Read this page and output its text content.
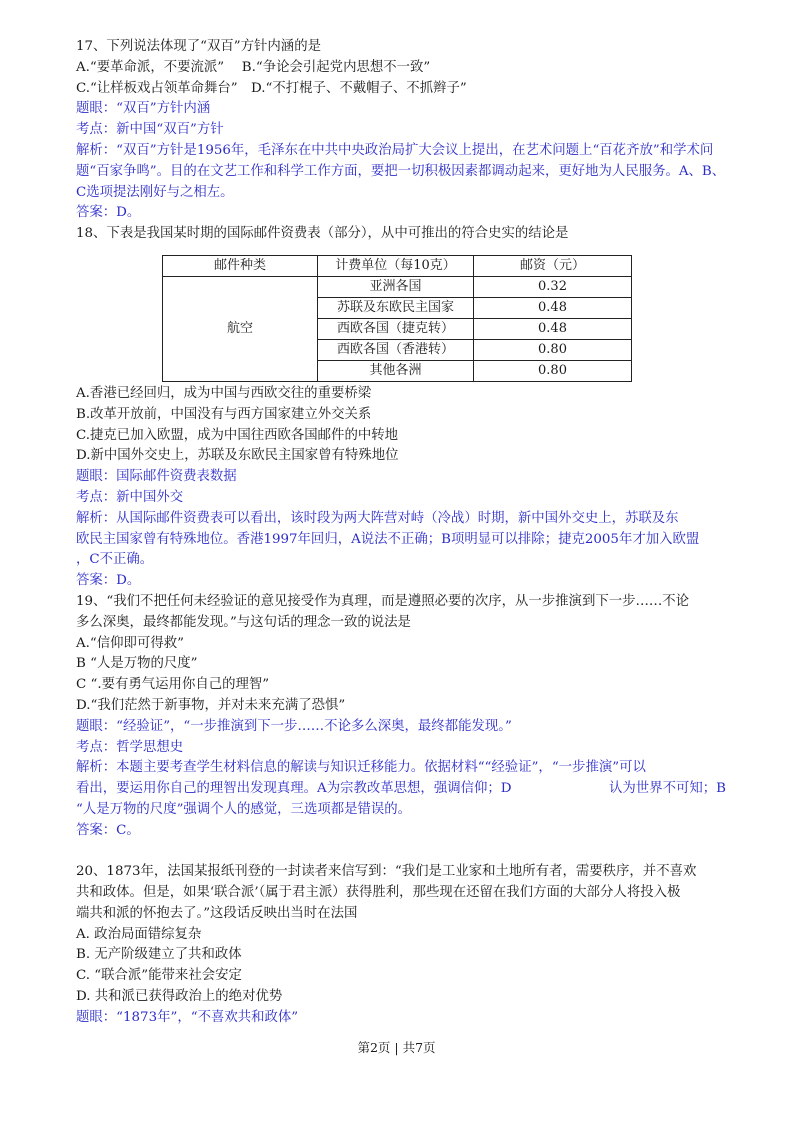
17、下列说法体现了“双百”方针内涵的是
A.“要革命派，不要流派”　 B.“争论会引起党内思想不一致”
C.“让样板戏占领革命舞台”　D.“不打棍子、不戴帽子、不抓辫子”
题眼：“双百”方针内涵
考点：新中国“双百”方针
解析：“双百”方针是1956年，毛泽东在中共中央政治局扩大会议上提出，在艺术问题上“百花齐放”和学术问题“百家争鸣”。目的在文艺工作和科学工作方面，要把一切积极因素都调动起来，更好地为人民服务。A、B、C选项提法刚好与之相左。
答案：D。
18、下表是我国某时期的国际邮件资费表（部分），从中可推出的符合史实的结论是
邮件种类	计费单位（每10克）	邮资（元）
航空	亚洲各国	0.32
	苏联及东欧民主国家	0.48
	西欧各国（捷克转）	0.48
	西欧各国（香港转）	0.80
	其他各洲	0.80
A.香港已经回归，成为中国与西欧交往的重要桥梁
B.改革开放前，中国没有与西方国家建立外交关系
C.捷克已加入欧盟，成为中国往西欧各国邮件的中转地
D.新中国外交史上，苏联及东欧民主国家曾有特殊地位
题眼：国际邮件资费表数据
考点：新中国外交
解析：从国际邮件资费表可以看出，该时段为两大阵营对峙（冷战）时期，新中国外交史上，苏联及东
欧民主国家曾有特殊地位。香港1997年回归，A说法不正确；B项明显可以排除；捷克2005年才加入欧盟
，C不正确。
答案：D。
19、“我们不把任何未经验证的意见接受作为真理，而是遵照必要的次序，从一步推演到下一步……不论
多么深奥，最终都能发现。”与这句话的理念一致的说法是
A.“信仰即可得救”
B “人是万物的尺度”
C “.要有勇气运用你自己的理智”
D.“我们茫然于新事物，并对未来充满了恐惧”
题眼：“经验证”，“一步推演到下一步……不论多么深奥，最终都能发现。”
考点：哲学思想史
解析：本题主要考查学生材料信息的解读与知识迁移能力。依据材料““经验证”，“一步推演”可以
看出，要运用你自己的理智出发现真理。A为宗教改革思想，强调信仰；D	认为世界不可知；B
“人是万物的尺度”强调个人的感觉，三选项都是错误的。
答案：C。
20、1873年，法国某报纸刊登的一封读者来信写到：“我们是工业家和土地所有者，需要秩序，并不喜欢
共和政体。但是，如果‘联合派’（属于君主派）获得胜利，那些现在还留在我们方面的大部分人将投入极
端共和派的怀抱去了。”这段话反映出当时在法国
A. 政治局面错综复杂
B. 无产阶级建立了共和政体
C. “联合派”能带来社会安定
D. 共和派已获得政治上的绝对优势
题眼：“1873年”，“不喜欢共和政体”
第2页 | 共7页
